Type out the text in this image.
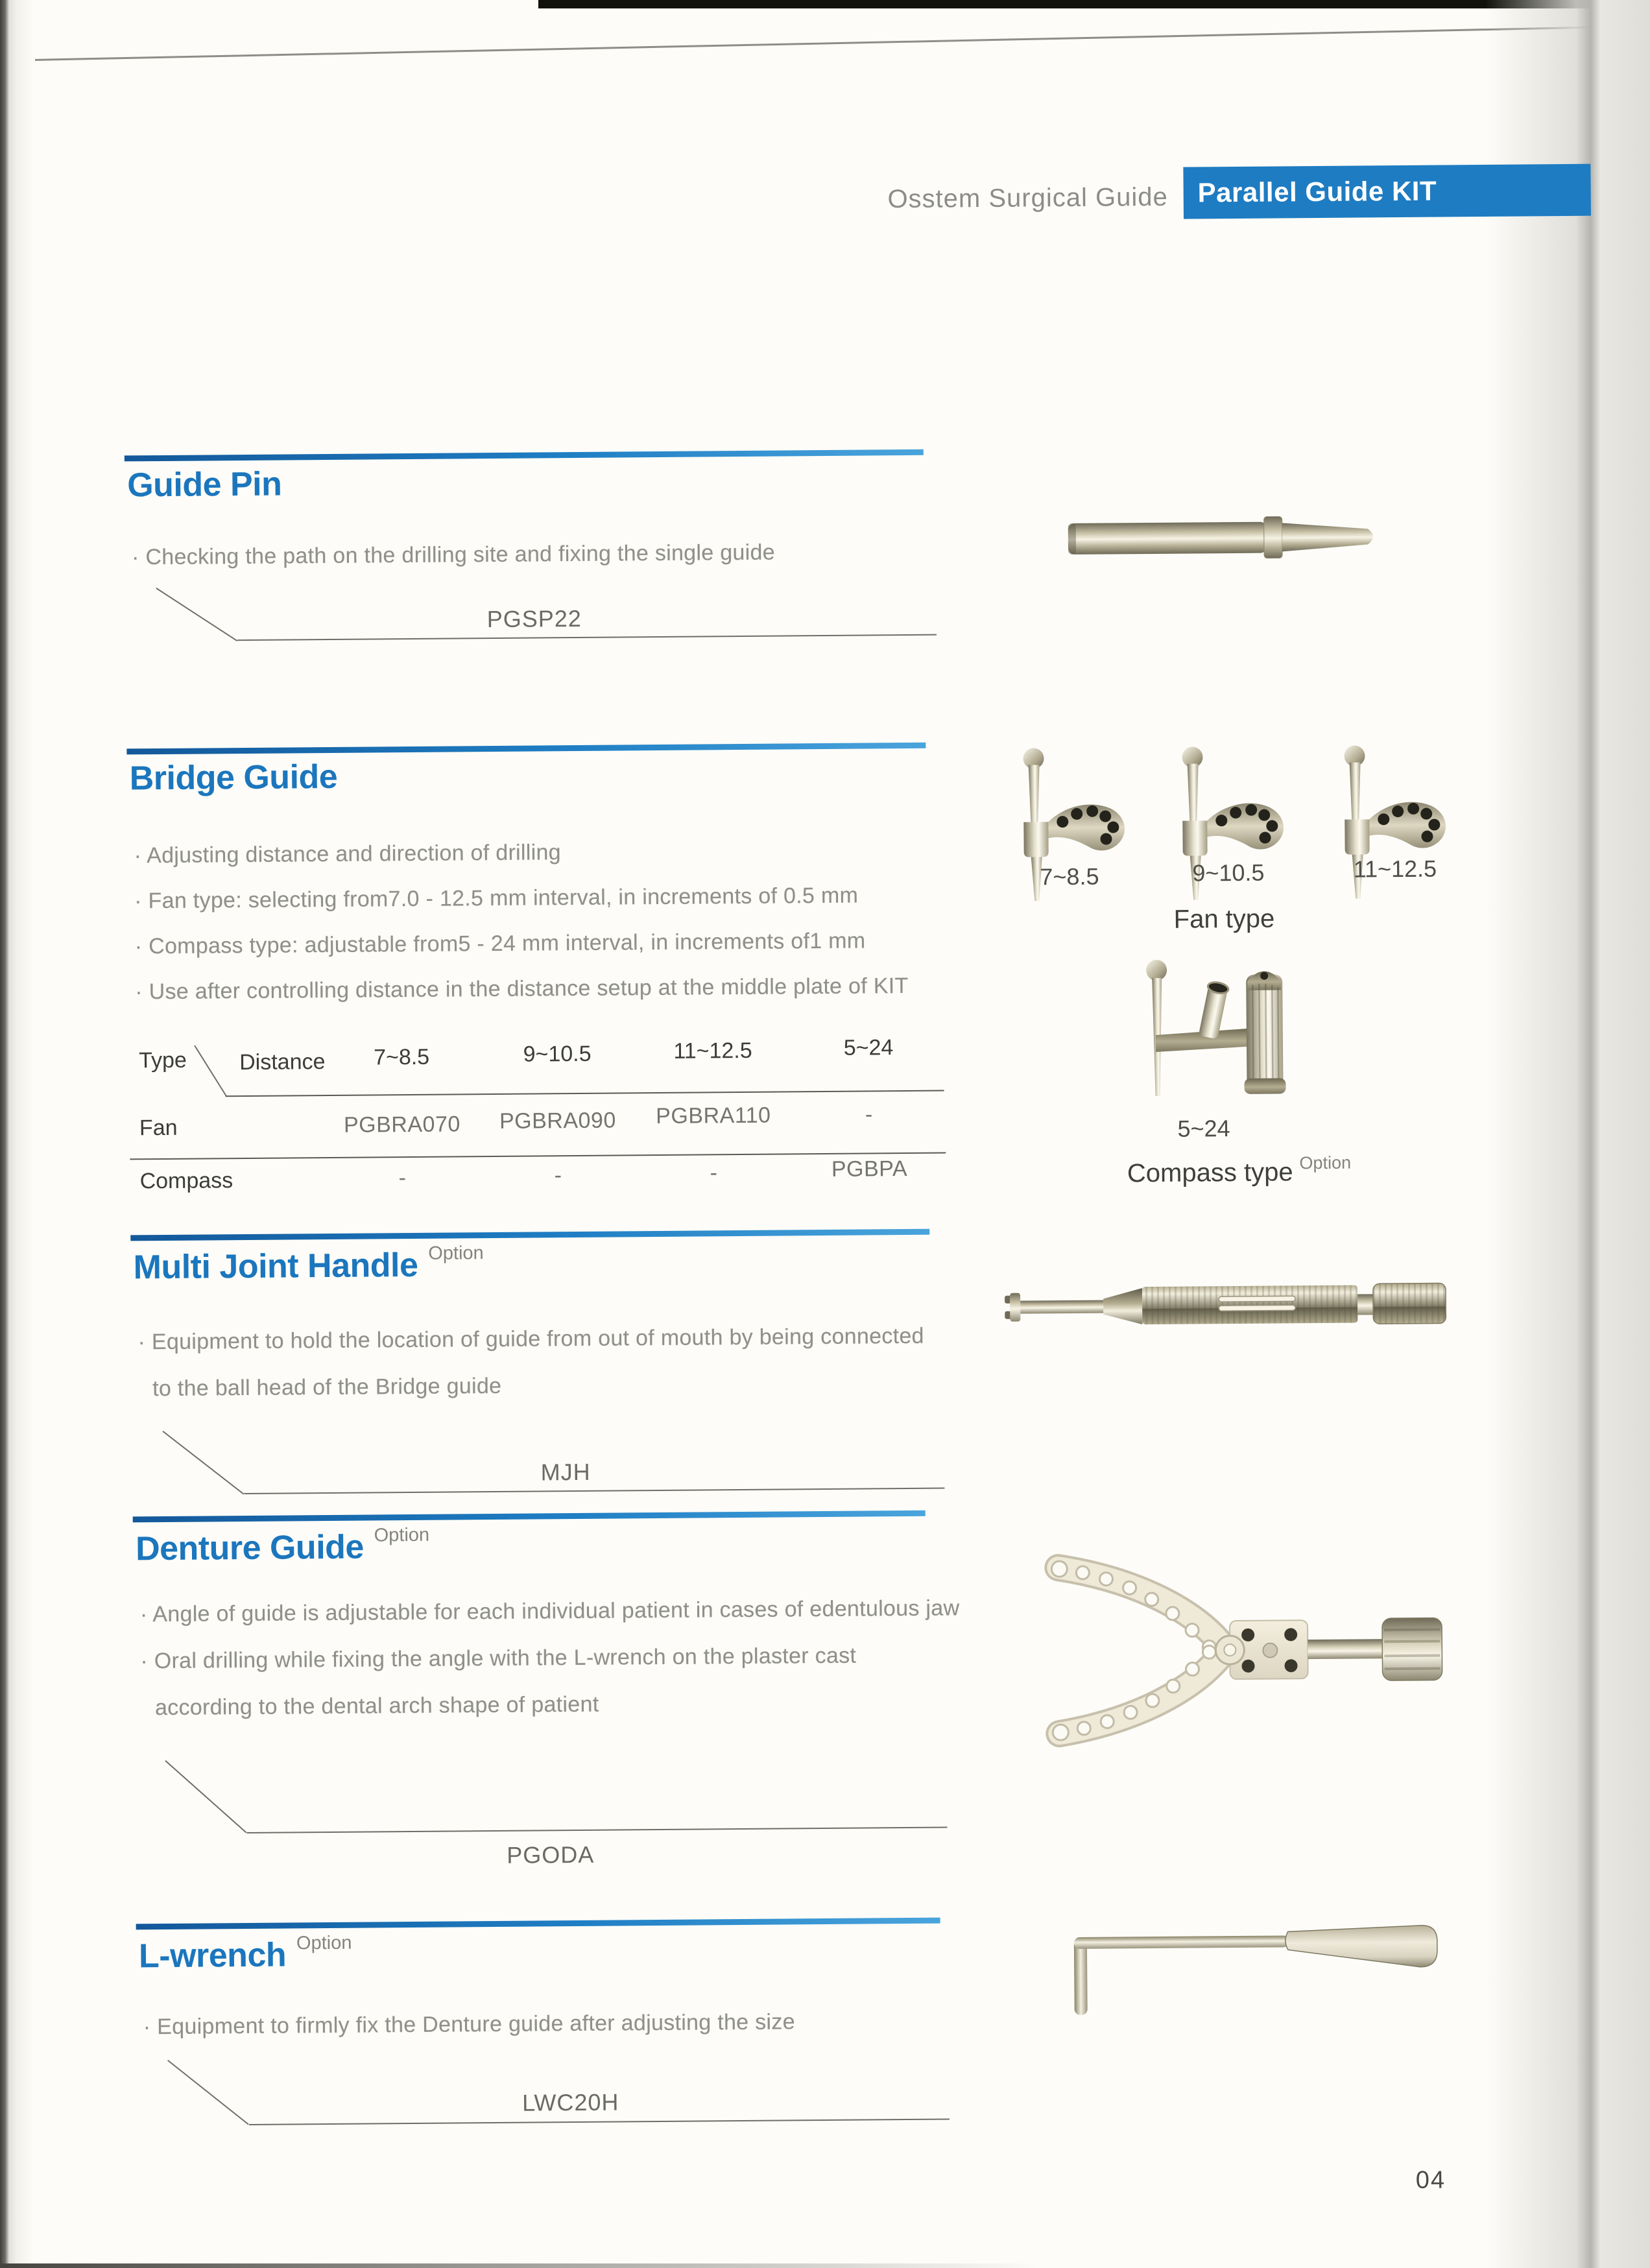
Osstem Surgical Guide	Parallel Guide KIT
Guide Pin
· Checking the path on the drilling site and fixing the single guide
PGSP22
Bridge Guide
· Adjusting distance and direction of drilling
· Fan type: selecting from7.0 - 12.5 mm interval, in increments of 0.5 mm
· Compass type: adjustable from5 - 24 mm interval, in increments of1 mm
· Use after controlling distance in the distance setup at the middle plate of KIT
Type Distance	7~8.5	9~10.5	11~12.5	5~24
Fan	PGBRA070	PGBRA090	PGBRA110	-
Compass	-	-	-	PGBPA
7~8.5	9~10.5	11~12.5
Fan type
5~24
Compass type $^{Option}$
Multi Joint Handle $^{Option}$
· Equipment to hold the location of guide from out of mouth by being connected
to the ball head of the Bridge guide
MJH
Denture Guide $^{Option}$
· Angle of guide is adjustable for each individual patient in cases of edentulous jaw
· Oral drilling while fixing the angle with the L-wrench on the plaster cast
according to the dental arch shape of patient
PGODA
L-wrench $^{Option}$
· Equipment to firmly fix the Denture guide after adjusting the size
LWC20H
04
